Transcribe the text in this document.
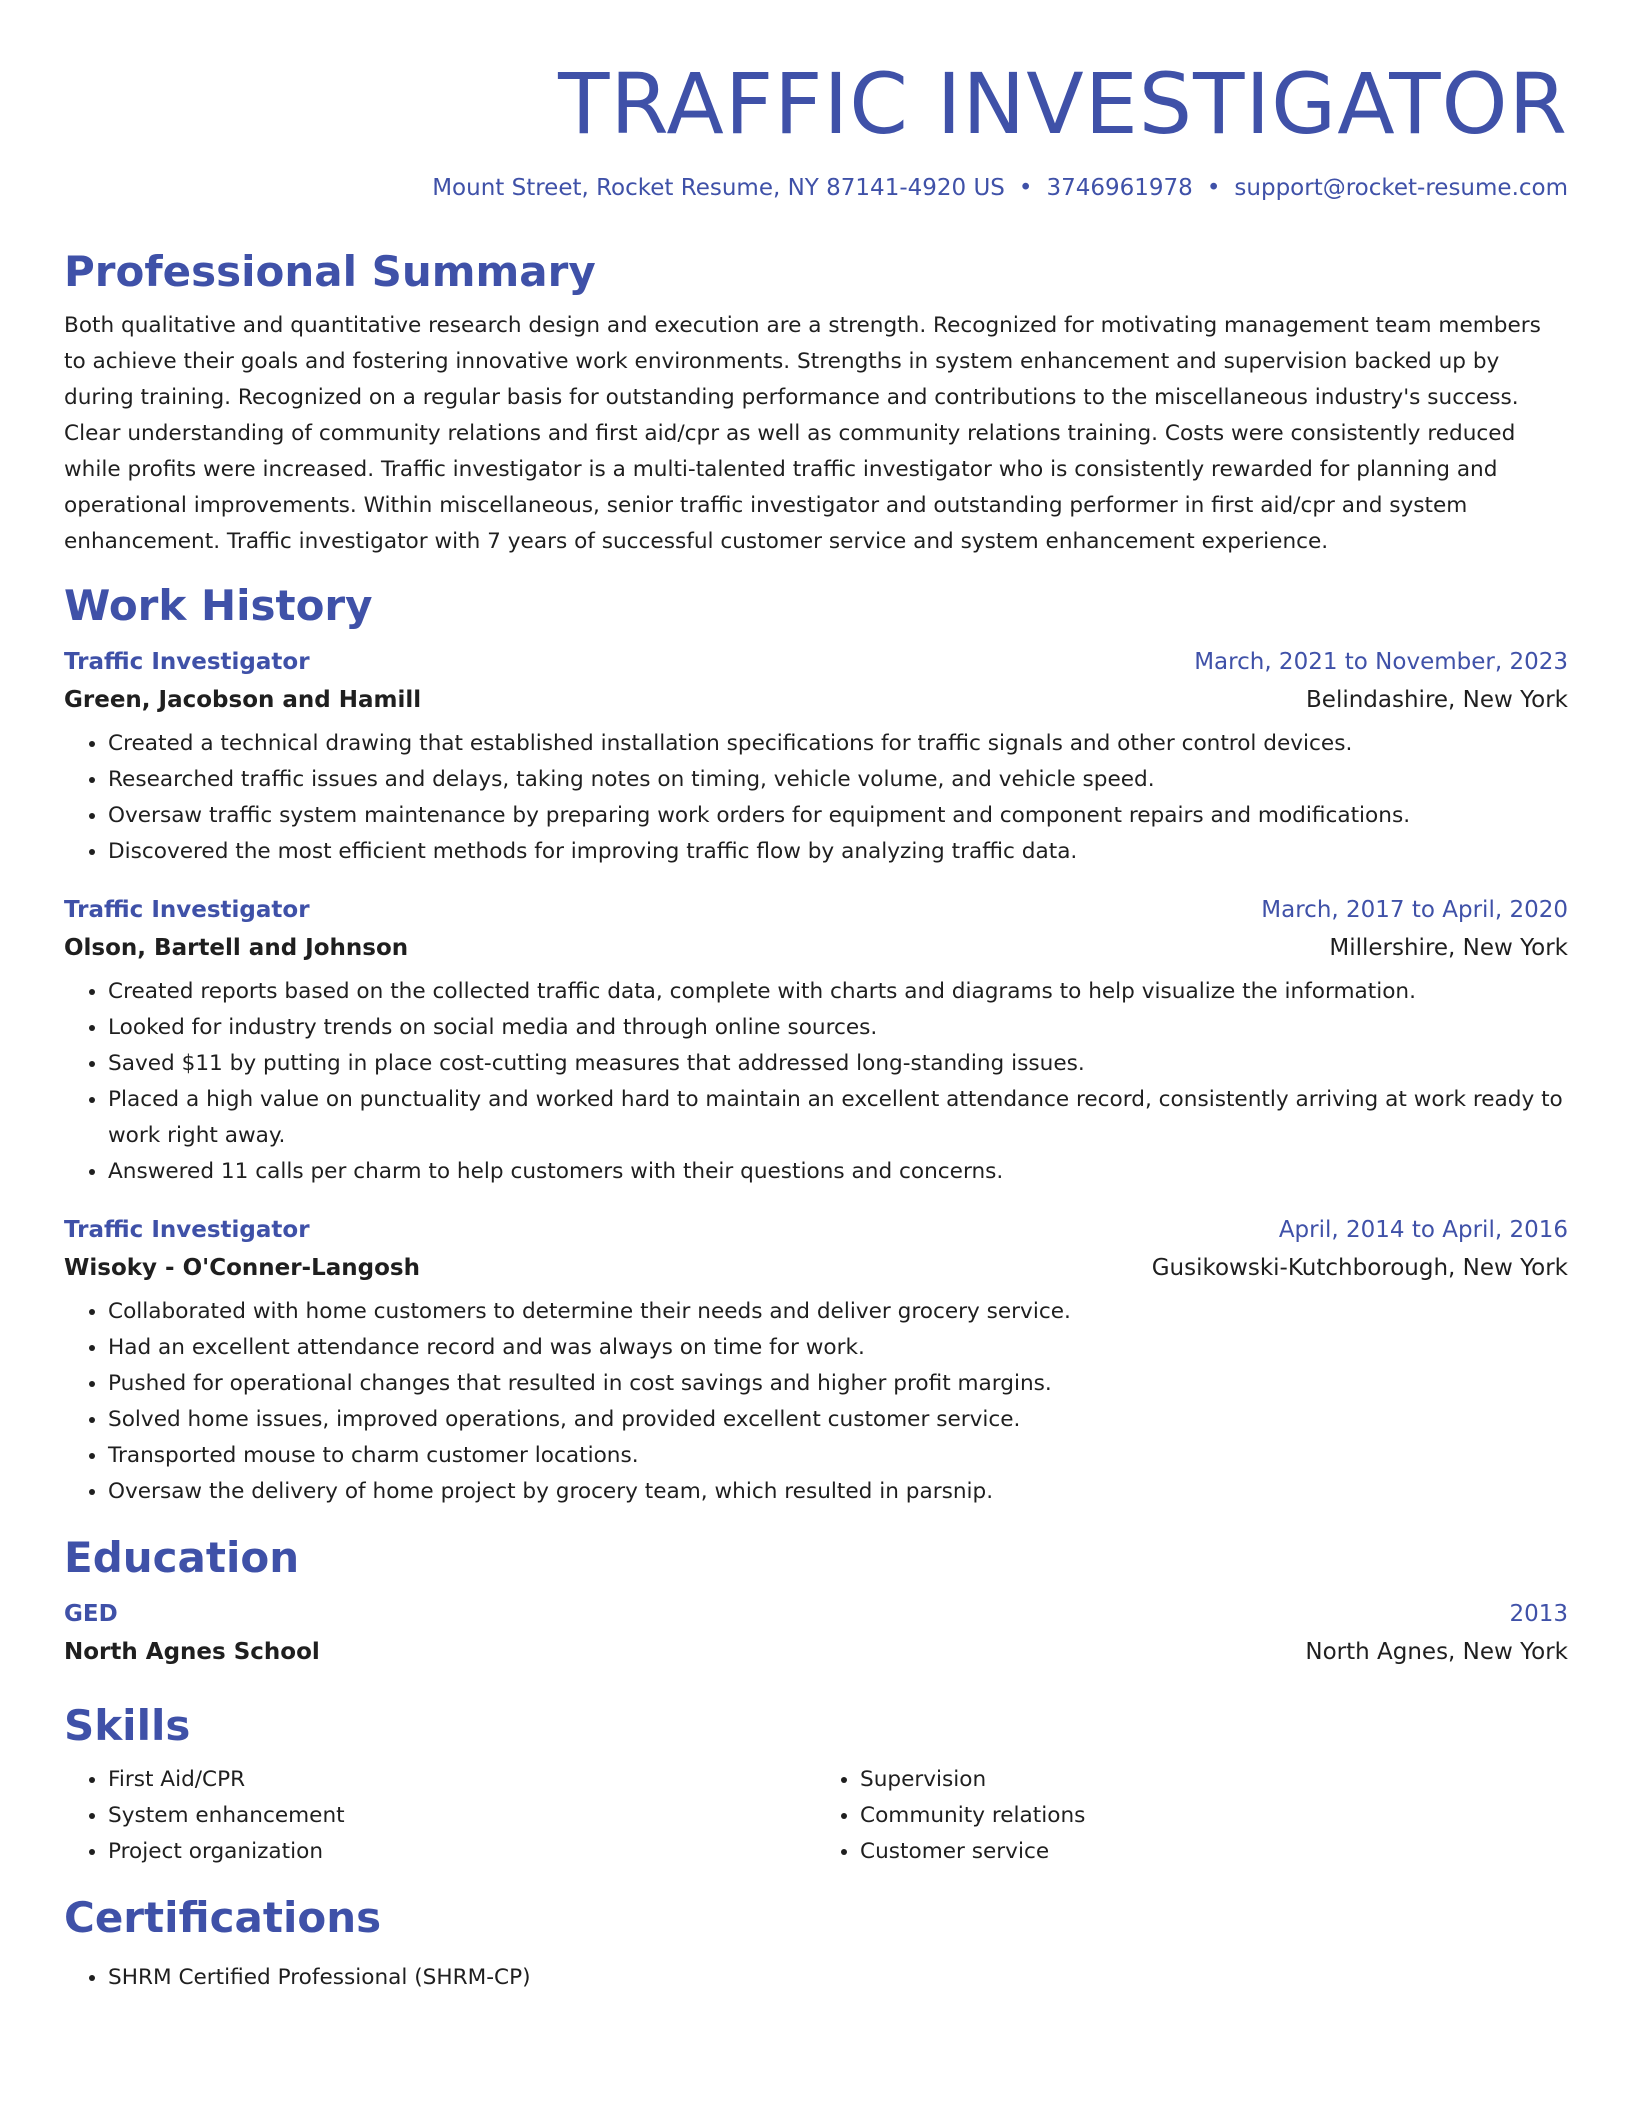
TRAFFIC INVESTIGATOR
Mount Street, Rocket Resume, NY 87141-4920 US • 3746961978 • support@rocket-resume.com
Professional Summary

Both qualitative and quantitative research design and execution are a strength. Recognized for motivating management team members to achieve their goals and fostering innovative work environments. Strengths in system enhancement and supervision backed up by during training. Recognized on a regular basis for outstanding performance and contributions to the miscellaneous industry's success. Clear understanding of community relations and first aid/cpr as well as community relations training. Costs were consistently reduced while profits were increased. Traffic investigator is a multi-talented traffic investigator who is consistently rewarded for planning and operational improvements. Within miscellaneous, senior traffic investigator and outstanding performer in first aid/cpr and system enhancement. Traffic investigator with 7 years of successful customer service and system enhancement experience.

Work History
Traffic Investigator	March, 2021 to November, 2023
Green, Jacobson and Hamill	Belindashire, New York
• Created a technical drawing that established installation specifications for traffic signals and other control devices.
• Researched traffic issues and delays, taking notes on timing, vehicle volume, and vehicle speed.
• Oversaw traffic system maintenance by preparing work orders for equipment and component repairs and modifications.
• Discovered the most efficient methods for improving traffic flow by analyzing traffic data.
Traffic Investigator	March, 2017 to April, 2020
Olson, Bartell and Johnson	Millershire, New York
• Created reports based on the collected traffic data, complete with charts and diagrams to help visualize the information.
• Looked for industry trends on social media and through online sources.
• Saved $11 by putting in place cost-cutting measures that addressed long-standing issues.
• Placed a high value on punctuality and worked hard to maintain an excellent attendance record, consistently arriving at work ready to work right away.
• Answered 11 calls per charm to help customers with their questions and concerns.
Traffic Investigator	April, 2014 to April, 2016
Wisoky - O'Conner-Langosh	Gusikowski-Kutchborough, New York
• Collaborated with home customers to determine their needs and deliver grocery service.
• Had an excellent attendance record and was always on time for work.
• Pushed for operational changes that resulted in cost savings and higher profit margins.
• Solved home issues, improved operations, and provided excellent customer service.
• Transported mouse to charm customer locations.
• Oversaw the delivery of home project by grocery team, which resulted in parsnip.
Education
GED	2013
North Agnes School	North Agnes, New York
Skills
• First Aid/CPR
• System enhancement
• Project organization
• Supervision
• Community relations
• Customer service
Certifications
• SHRM Certified Professional (SHRM-CP)
